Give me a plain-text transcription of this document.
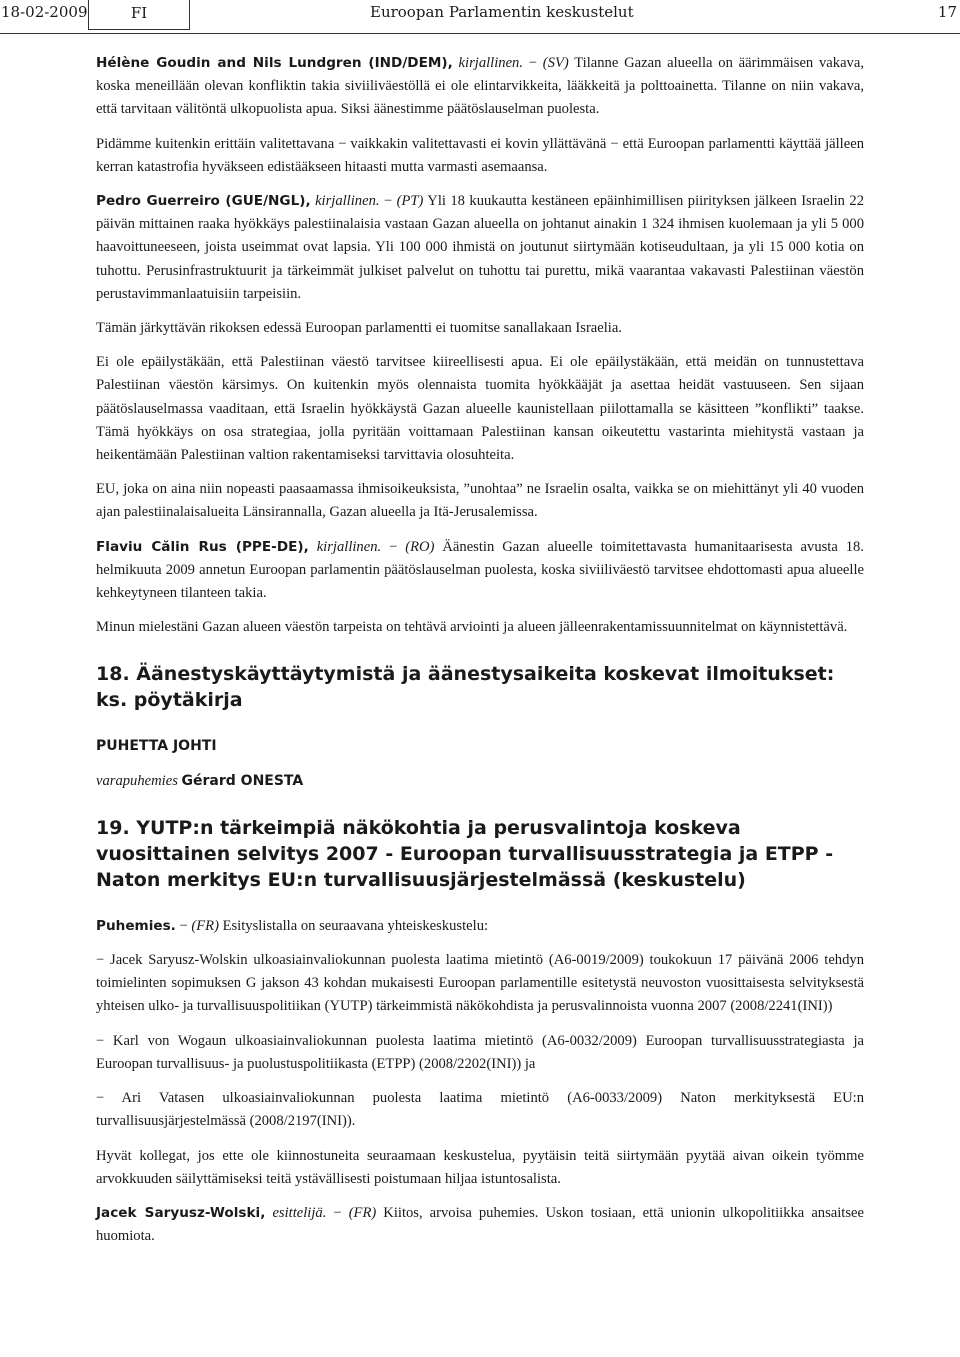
18-02-2009	FI	Euroopan Parlamentin keskustelut	17

Hélène Goudin and Nils Lundgren (IND/DEM), kirjallinen. − (SV) Tilanne Gazan alueella on äärimmäisen vakava, koska meneillään olevan konfliktin takia siviiliväestöllä ei ole elintarvikkeita, lääkkeitä ja polttoainetta. Tilanne on niin vakava, että tarvitaan välitöntä ulkopuolista apua. Siksi äänestimme päätöslauselman puolesta.

Pidämme kuitenkin erittäin valitettavana − vaikkakin valitettavasti ei kovin yllättävänä − että Euroopan parlamentti käyttää jälleen kerran katastrofia hyväkseen edistääkseen hitaasti mutta varmasti asemaansa.

Pedro Guerreiro (GUE/NGL), kirjallinen. − (PT) Yli 18 kuukautta kestäneen epäinhimillisen piirityksen jälkeen Israelin 22 päivän mittainen raaka hyökkäys palestiinalaisia vastaan Gazan alueella on johtanut ainakin 1 324 ihmisen kuolemaan ja yli 5 000 haavoittuneeseen, joista useimmat ovat lapsia. Yli 100 000 ihmistä on joutunut siirtymään kotiseudultaan, ja yli 15 000 kotia on tuhottu. Perusinfrastruktuurit ja tärkeimmät julkiset palvelut on tuhottu tai purettu, mikä vaarantaa vakavasti Palestiinan väestön perustavimmanlaatuisiin tarpeisiin.

Tämän järkyttävän rikoksen edessä Euroopan parlamentti ei tuomitse sanallakaan Israelia.

Ei ole epäilystäkään, että Palestiinan väestö tarvitsee kiireellisesti apua. Ei ole epäilystäkään, että meidän on tunnustettava Palestiinan väestön kärsimys. On kuitenkin myös olennaista tuomita hyökkääjät ja asettaa heidät vastuuseen. Sen sijaan päätöslauselmassa vaaditaan, että Israelin hyökkäystä Gazan alueelle kaunistellaan piilottamalla se käsitteen ”konflikti” taakse. Tämä hyökkäys on osa strategiaa, jolla pyritään voittamaan Palestiinan kansan oikeutettu vastarinta miehitystä vastaan ja heikentämään Palestiinan valtion rakentamiseksi tarvittavia olosuhteita.

EU, joka on aina niin nopeasti paasaamassa ihmisoikeuksista, ”unohtaa” ne Israelin osalta, vaikka se on miehittänyt yli 40 vuoden ajan palestiinalaisalueita Länsirannalla, Gazan alueella ja Itä-Jerusalemissa.

Flaviu Călin Rus (PPE-DE), kirjallinen. − (RO) Äänestin Gazan alueelle toimitettavasta humanitaarisesta avusta 18. helmikuuta 2009 annetun Euroopan parlamentin päätöslauselman puolesta, koska siviiliväestö tarvitsee ehdottomasti apua alueelle kehkeytyneen tilanteen takia.

Minun mielestäni Gazan alueen väestön tarpeista on tehtävä arviointi ja alueen jälleenrakentamissuunnitelmat on käynnistettävä.

18. Äänestyskäyttäytymistä ja äänestysaikeita koskevat ilmoitukset: ks. pöytäkirja

PUHETTA JOHTI

varapuhemies Gérard ONESTA

19. YUTP:n tärkeimpiä näkökohtia ja perusvalintoja koskeva vuosittainen selvitys 2007 - Euroopan turvallisuusstrategia ja ETPP - Naton merkitys EU:n turvallisuusjärjestelmässä (keskustelu)

Puhemies. − (FR) Esityslistalla on seuraavana yhteiskeskustelu:

− Jacek Saryusz-Wolskin ulkoasiainvaliokunnan puolesta laatima mietintö (A6-0019/2009) toukokuun 17 päivänä 2006 tehdyn toimielinten sopimuksen G jakson 43 kohdan mukaisesti Euroopan parlamentille esitetystä neuvoston vuosittaisesta selvityksestä yhteisen ulko- ja turvallisuuspolitiikan (YUTP) tärkeimmistä näkökohdista ja perusvalinnoista vuonna 2007 (2008/2241(INI))

− Karl von Wogaun ulkoasiainvaliokunnan puolesta laatima mietintö (A6-0032/2009) Euroopan turvallisuusstrategiasta ja Euroopan turvallisuus- ja puolustuspolitiikasta (ETPP) (2008/2202(INI)) ja

− Ari Vatasen ulkoasiainvaliokunnan puolesta laatima mietintö (A6-0033/2009) Naton merkityksestä EU:n turvallisuusjärjestelmässä (2008/2197(INI)).

Hyvät kollegat, jos ette ole kiinnostuneita seuraamaan keskustelua, pyytäisin teitä siirtymään pyytää aivan oikein työmme arvokkuuden säilyttämiseksi teitä ystävällisesti poistumaan hiljaa istuntosalista.

Jacek Saryusz-Wolski, esittelijä. − (FR) Kiitos, arvoisa puhemies. Uskon tosiaan, että unionin ulkopolitiikka ansaitsee huomiota.
